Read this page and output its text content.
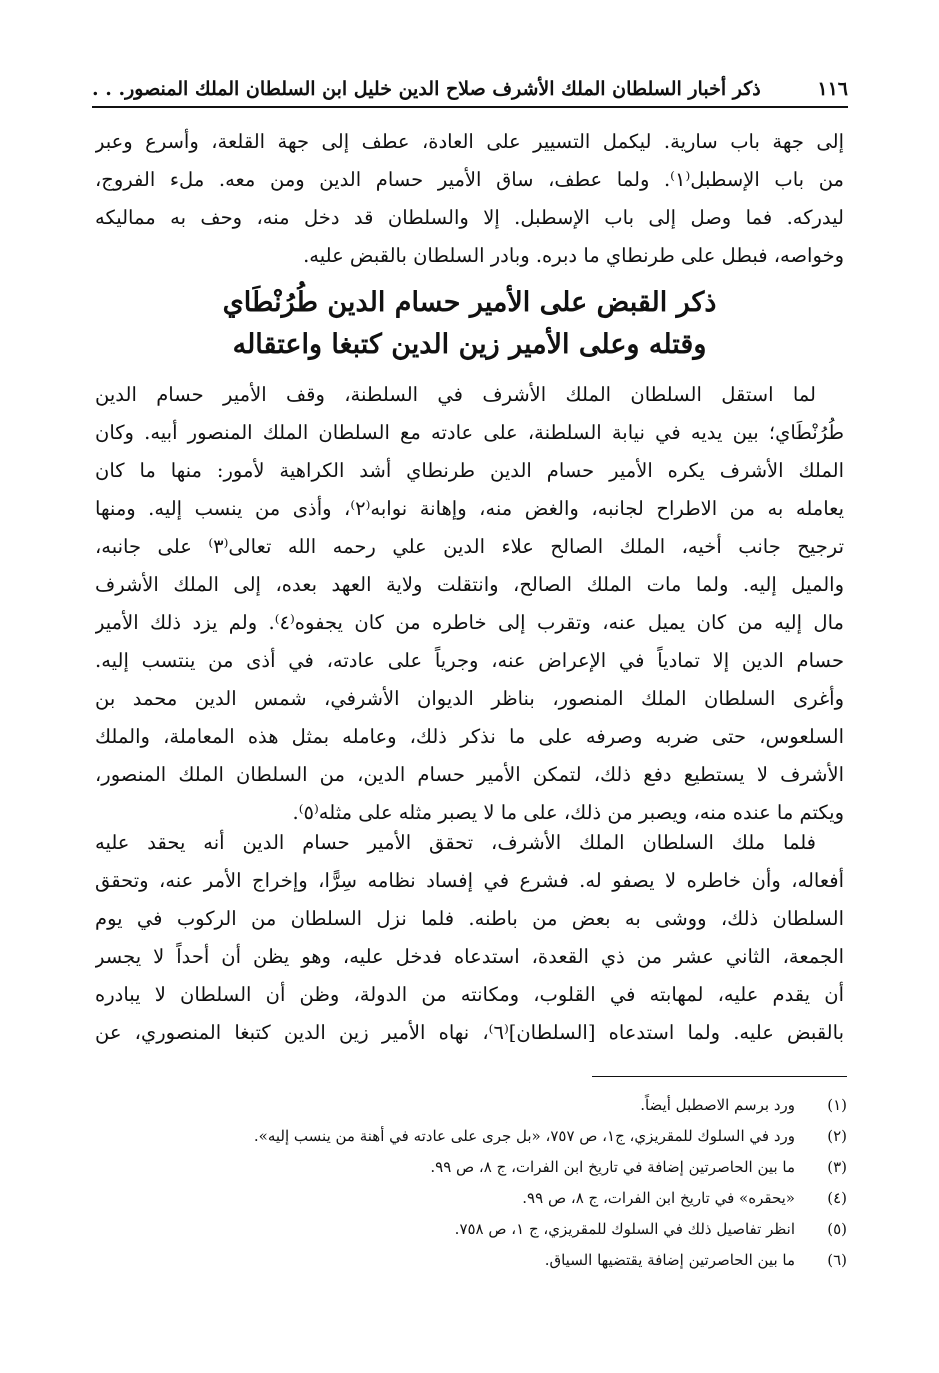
١١٦
ذكر أخبار السلطان الملك الأشرف صلاح الدين خليل ابن السلطان الملك المنصور. . .
إلى جهة باب سارية. ليكمل التسيير على العادة، عطف إلى جهة القلعة، وأسرع وعبر
من باب الإسطبل⁽١⁾. ولما عطف، ساق الأمير حسام الدين ومن معه. ملء الفروج،
ليدركه. فما وصل إلى باب الإسطبل. إلا والسلطان قد دخل منه، وحف به مماليكه
وخواصه، فبطل على طرنطاي ما دبره. وبادر السلطان بالقبض عليه.
ذكر القبض على الأمير حسام الدين طُرُنْطَاي
وقتله وعلى الأمير زين الدين كتبغا واعتقاله
لما استقل السلطان الملك الأشرف في السلطنة، وقف الأمير حسام الدين
طُرُنْطَاي؛ بين يديه في نيابة السلطنة، على عادته مع السلطان الملك المنصور أبيه. وكان
الملك الأشرف يكره الأمير حسام الدين طرنطاي أشد الكراهية لأمور: منها ما كان
يعامله به من الاطراح لجانبه، والغض منه، وإهانة نوابه⁽٢⁾، وأذى من ينسب إليه. ومنها
ترجيح جانب أخيه، الملك الصالح علاء الدين علي رحمه الله تعالى⁽٣⁾ على جانبه،
والميل إليه. ولما مات الملك الصالح، وانتقلت ولاية العهد بعده، إلى الملك الأشرف
مال إليه من كان يميل عنه، وتقرب إلى خاطره من كان يجفوه⁽٤⁾. ولم يزد ذلك الأمير
حسام الدين إلا تمادياً في الإعراض عنه، وجرياً على عادته، في أذى من ينتسب إليه.
وأغرى السلطان الملك المنصور، بناظر الديوان الأشرفي، شمس الدين محمد بن
السلعوس، حتى ضربه وصرفه على ما نذكر ذلك، وعامله بمثل هذه المعاملة، والملك
الأشرف لا يستطيع دفع ذلك، لتمكن الأمير حسام الدين، من السلطان الملك المنصور،
ويكتم ما عنده منه، ويصبر من ذلك، على ما لا يصبر مثله على مثله⁽٥⁾.
فلما ملك السلطان الملك الأشرف، تحقق الأمير حسام الدين أنه يحقد عليه
أفعاله، وأن خاطره لا يصفو له. فشرع في إفساد نظامه سِرًّا، وإخراج الأمر عنه، وتحقق
السلطان ذلك، ووشى به بعض من باطنه. فلما نزل السلطان من الركوب في يوم
الجمعة، الثاني عشر من ذي القعدة، استدعاه فدخل عليه، وهو يظن أن أحداً لا يجسر
أن يقدم عليه، لمهابته في القلوب، ومكانته من الدولة، وظن أن السلطان لا يبادره
بالقبض عليه. ولما استدعاه [السلطان]⁽٦⁾، نهاه الأمير زين الدين كتبغا المنصوري، عن
(١)
ورد برسم الاصطبل أيضاً.
(٢)
ورد في السلوك للمقريزي، ج١، ص ٧٥٧، «بل جرى على عادته في أهنة من ينسب إليه».
(٣)
ما بين الحاصرتين إضافة في تاريخ ابن الفرات، ج ٨، ص ٩٩.
(٤)
«يحقره» في تاريخ ابن الفرات، ج ٨، ص ٩٩.
(٥)
انظر تفاصيل ذلك في السلوك للمقريزي، ج ١، ص ٧٥٨.
(٦)
ما بين الحاصرتين إضافة يقتضيها السياق.
